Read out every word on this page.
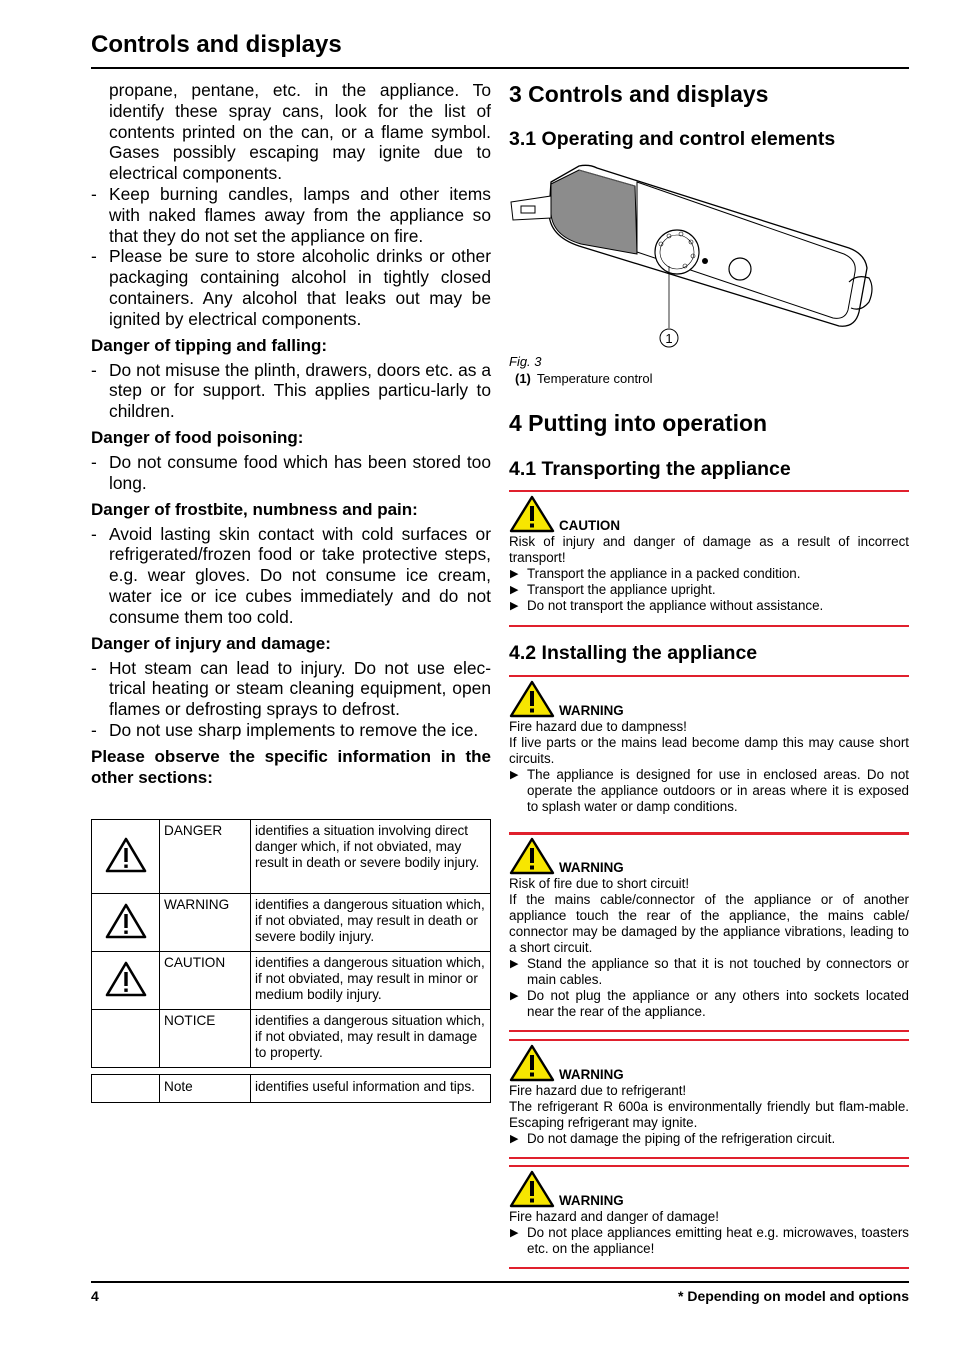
Controls and displays

propane, pentane, etc. in the appliance. To identify these spray cans, look for the list of contents printed on the can, or a flame symbol. Gases possibly escaping may ignite due to electrical components.

- Keep burning candles, lamps and other items with naked flames away from the appliance so that they do not set the appliance on fire.
- Please be sure to store alcoholic drinks or other packaging containing alcohol in tightly closed containers. Any alcohol that leaks out may be ignited by electrical components.
Danger of tipping and falling:
- Do not misuse the plinth, drawers, doors etc. as a step or for support. This applies particu-larly to children.
Danger of food poisoning:
- Do not consume food which has been stored too long.
Danger of frostbite, numbness and pain:
- Avoid lasting skin contact with cold surfaces or refrigerated/frozen food or take protective steps, e.g. wear gloves. Do not consume ice cream, water ice or ice cubes immediately and do not consume them too cold.
Danger of injury and damage:
- Hot steam can lead to injury. Do not use elec-trical heating or steam cleaning equipment, open flames or defrosting sprays to defrost.
- Do not use sharp implements to remove the ice.
Please observe the specific information in the other sections:
	DANGER	identifies a situation involving direct danger which, if not obviated, may result in death or severe bodily injury.
	WARNING	identifies a dangerous situation which, if not obviated, may result in death or severe bodily injury.
	CAUTION	identifies a dangerous situation which, if not obviated, may result in minor or medium bodily injury.
	NOTICE	identifies a dangerous situation which, if not obviated, may result in damage to property.
	Note	identifies useful information and tips.
3 Controls and displays
3.1 Operating and control elements
1
Fig. 3
(1) Temperature control
4 Putting into operation
4.1 Transporting the appliance
CAUTION

Risk of injury and danger of damage as a result of incorrect transport!

▶ Transport the appliance in a packed condition.
▶ Transport the appliance upright.
▶ Do not transport the appliance without assistance.
4.2 Installing the appliance
WARNING

Fire hazard due to dampness!

If live parts or the mains lead become damp this may cause short circuits.

▶ The appliance is designed for use in enclosed areas. Do not operate the appliance outdoors or in areas where it is exposed to splash water or damp conditions.
WARNING

Risk of fire due to short circuit!

If the mains cable/connector of the appliance or of another appliance touch the rear of the appliance, the mains cable/ connector may be damaged by the appliance vibrations, leading to a short circuit.

▶ Stand the appliance so that it is not touched by connectors or main cables.
▶ Do not plug the appliance or any others into sockets located near the rear of the appliance.
WARNING

Fire hazard due to refrigerant!

The refrigerant R 600a is environmentally friendly but flam-mable. Escaping refrigerant may ignite.

▶ Do not damage the piping of the refrigeration circuit.
WARNING

Fire hazard and danger of damage!

▶ Do not place appliances emitting heat e.g. microwaves, toasters etc. on the appliance!
4	* Depending on model and options
